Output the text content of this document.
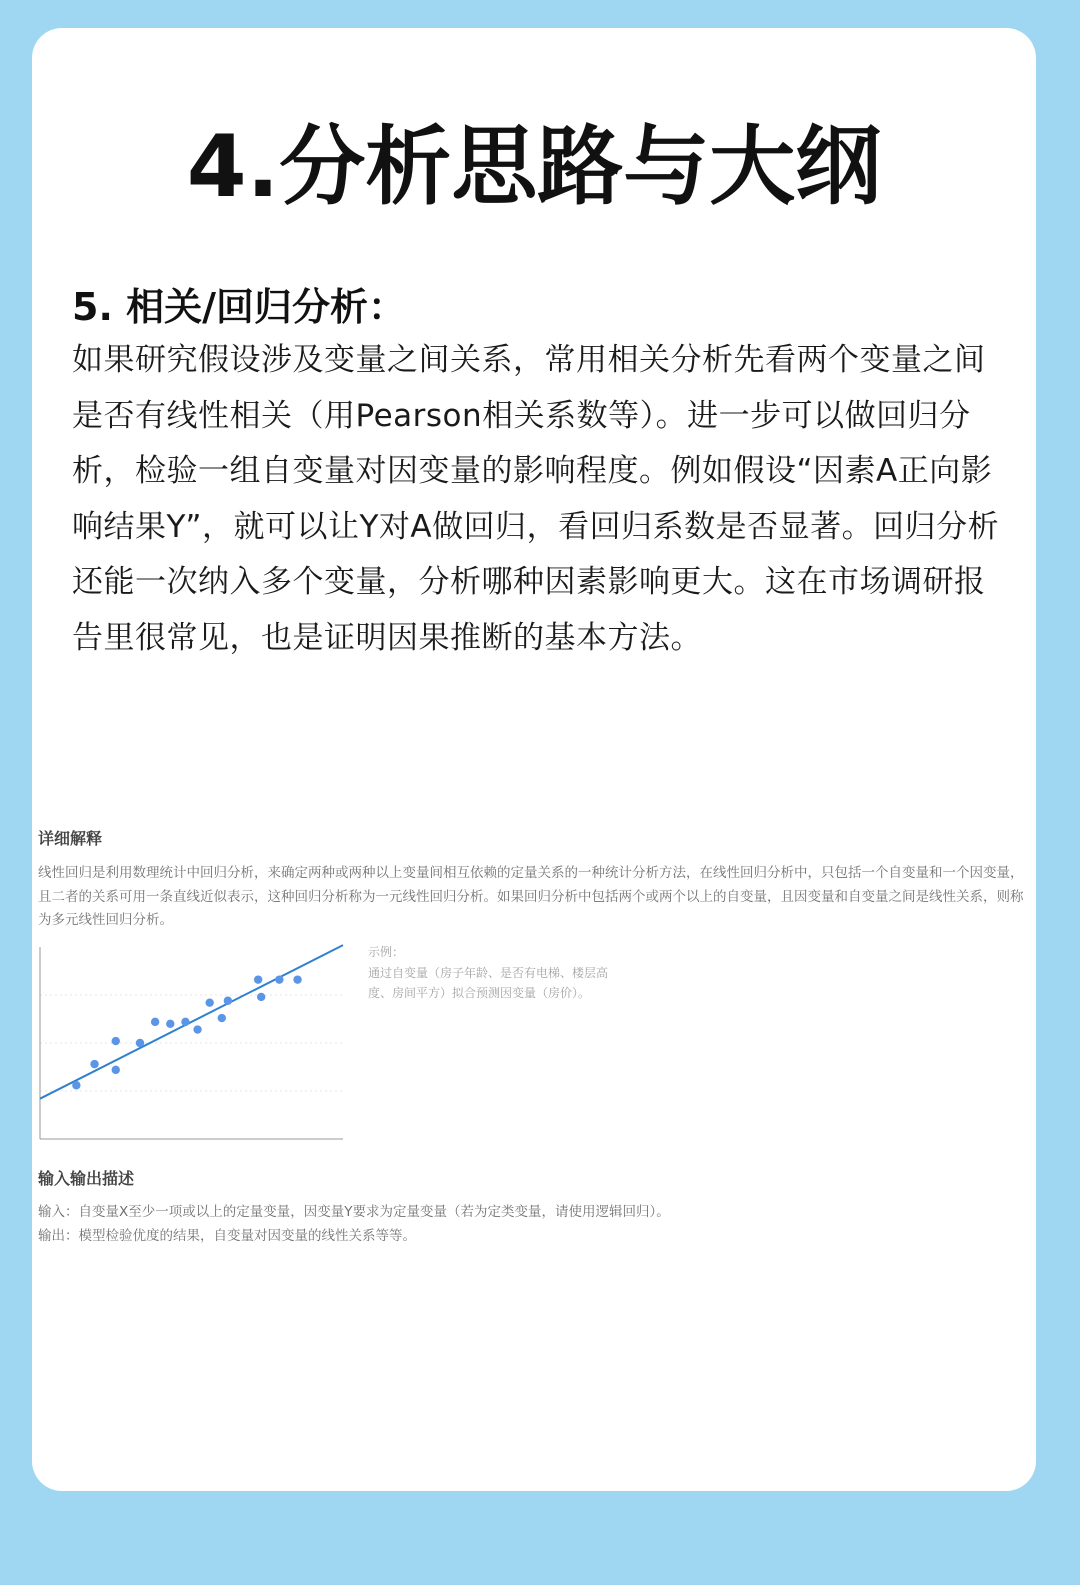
4.分析思路与大纲
5. 相关/回归分析：

如果研究假设涉及变量之间关系，常用相关分析先看两个变量之间是否有线性相关（用Pearson相关系数等）。进一步可以做回归分析，检验一组自变量对因变量的影响程度。例如假设“因素A正向影响结果Y”，就可以让Y对A做回归，看回归系数是否显著。回归分析还能一次纳入多个变量，分析哪种因素影响更大。这在市场调研报告里很常见，也是证明因果推断的基本方法。

详细解释
线性回归是利用数理统计中回归分析，来确定两种或两种以上变量间相互依赖的定量关系的一种统计分析方法，在线性回归分析中，只包括一个自变量和一个因变量，且二者的关系可用一条直线近似表示，这种回归分析称为一元线性回归分析。如果回归分析中包括两个或两个以上的自变量，且因变量和自变量之间是线性关系，则称为多元线性回归分析。
示例：
通过自变量（房子年龄、是否有电梯、楼层高度、房间平方）拟合预测因变量（房价）。
输入输出描述
输入：自变量X至少一项或以上的定量变量，因变量Y要求为定量变量（若为定类变量，请使用逻辑回归）。
输出：模型检验优度的结果，自变量对因变量的线性关系等等。
